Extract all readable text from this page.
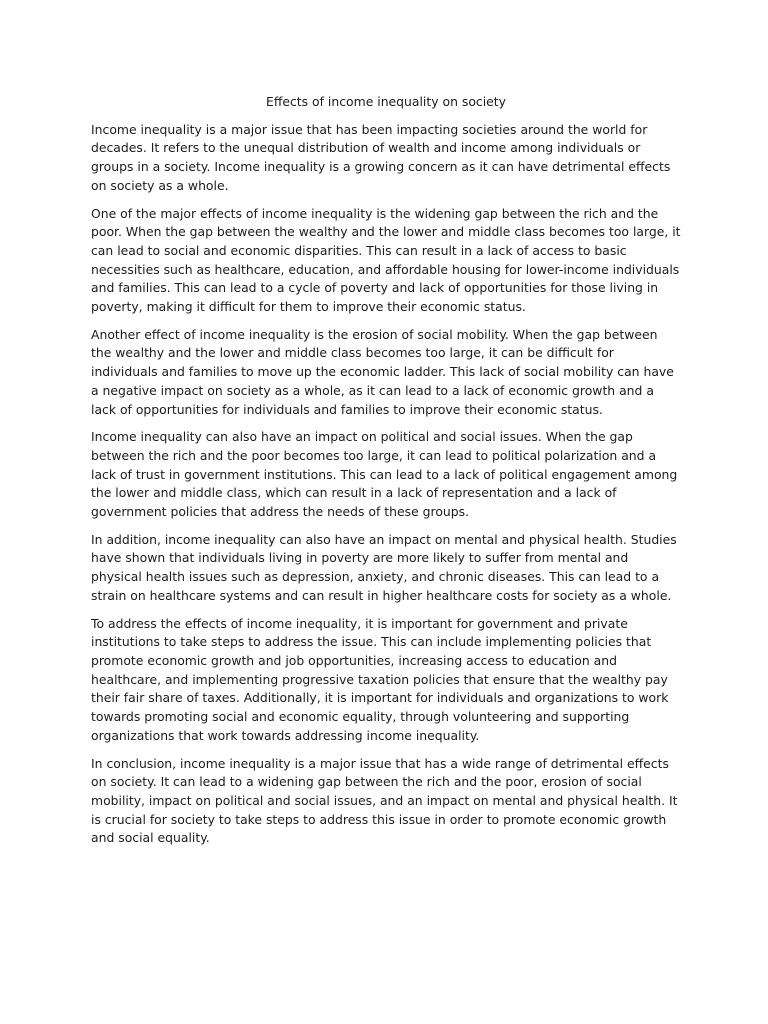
Effects of income inequality on society

Income inequality is a major issue that has been impacting societies around the world for decades. It refers to the unequal distribution of wealth and income among individuals or groups in a society. Income inequality is a growing concern as it can have detrimental effects on society as a whole.

One of the major effects of income inequality is the widening gap between the rich and the poor. When the gap between the wealthy and the lower and middle class becomes too large, it can lead to social and economic disparities. This can result in a lack of access to basic necessities such as healthcare, education, and affordable housing for lower-income individuals and families. This can lead to a cycle of poverty and lack of opportunities for those living in poverty, making it difficult for them to improve their economic status.

Another effect of income inequality is the erosion of social mobility. When the gap between the wealthy and the lower and middle class becomes too large, it can be difficult for individuals and families to move up the economic ladder. This lack of social mobility can have a negative impact on society as a whole, as it can lead to a lack of economic growth and a lack of opportunities for individuals and families to improve their economic status.

Income inequality can also have an impact on political and social issues. When the gap between the rich and the poor becomes too large, it can lead to political polarization and a lack of trust in government institutions. This can lead to a lack of political engagement among the lower and middle class, which can result in a lack of representation and a lack of government policies that address the needs of these groups.

In addition, income inequality can also have an impact on mental and physical health. Studies have shown that individuals living in poverty are more likely to suffer from mental and physical health issues such as depression, anxiety, and chronic diseases. This can lead to a strain on healthcare systems and can result in higher healthcare costs for society as a whole.

To address the effects of income inequality, it is important for government and private institutions to take steps to address the issue. This can include implementing policies that promote economic growth and job opportunities, increasing access to education and healthcare, and implementing progressive taxation policies that ensure that the wealthy pay their fair share of taxes. Additionally, it is important for individuals and organizations to work towards promoting social and economic equality, through volunteering and supporting organizations that work towards addressing income inequality.

In conclusion, income inequality is a major issue that has a wide range of detrimental effects on society. It can lead to a widening gap between the rich and the poor, erosion of social mobility, impact on political and social issues, and an impact on mental and physical health. It is crucial for society to take steps to address this issue in order to promote economic growth and social equality.
